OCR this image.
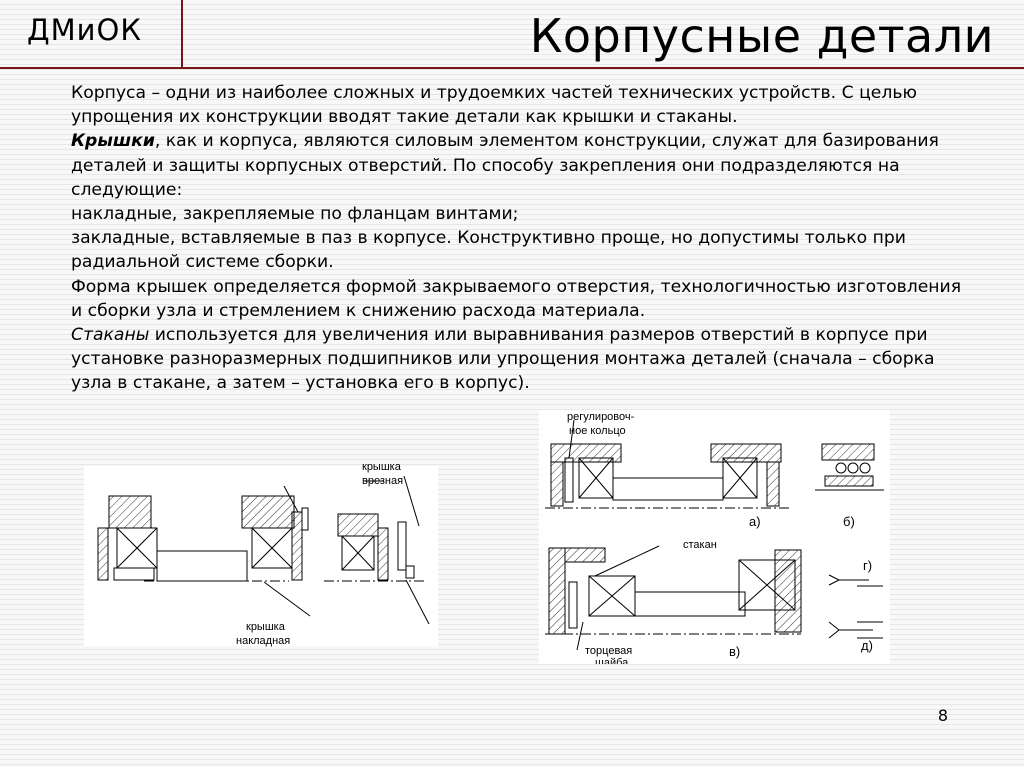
ДМиОК	Корпусные детали

Корпуса – одни из наиболее сложных и трудоемких частей технических устройств. С целью упрощения их конструкции вводят такие детали как крышки и стаканы.

Крышки, как и корпуса, являются силовым элементом конструкции, служат для базирования деталей и защиты корпусных отверстий. По способу закрепления они подразделяются на следующие:

накладные, закрепляемые по фланцам винтами;

закладные, вставляемые в паз в корпусе. Конструктивно проще, но допустимы только при радиальной системе сборки.

Форма крышек определяется формой закрываемого отверстия, технологичностью изготовления и сборки узла и стремлением к снижению расхода материала.

Стаканы используется для увеличения или выравнивания размеров отверстий в корпусе при установке разноразмерных подшипников или упрощения монтажа деталей (сначала – сборка узла в стакане, а затем – установка его в корпус).

крышка
врезная
крышка
накладная
регулировоч-
ное кольцо
стакан
торцевая
шайба
а)	б)
в)
г)
д)
8
